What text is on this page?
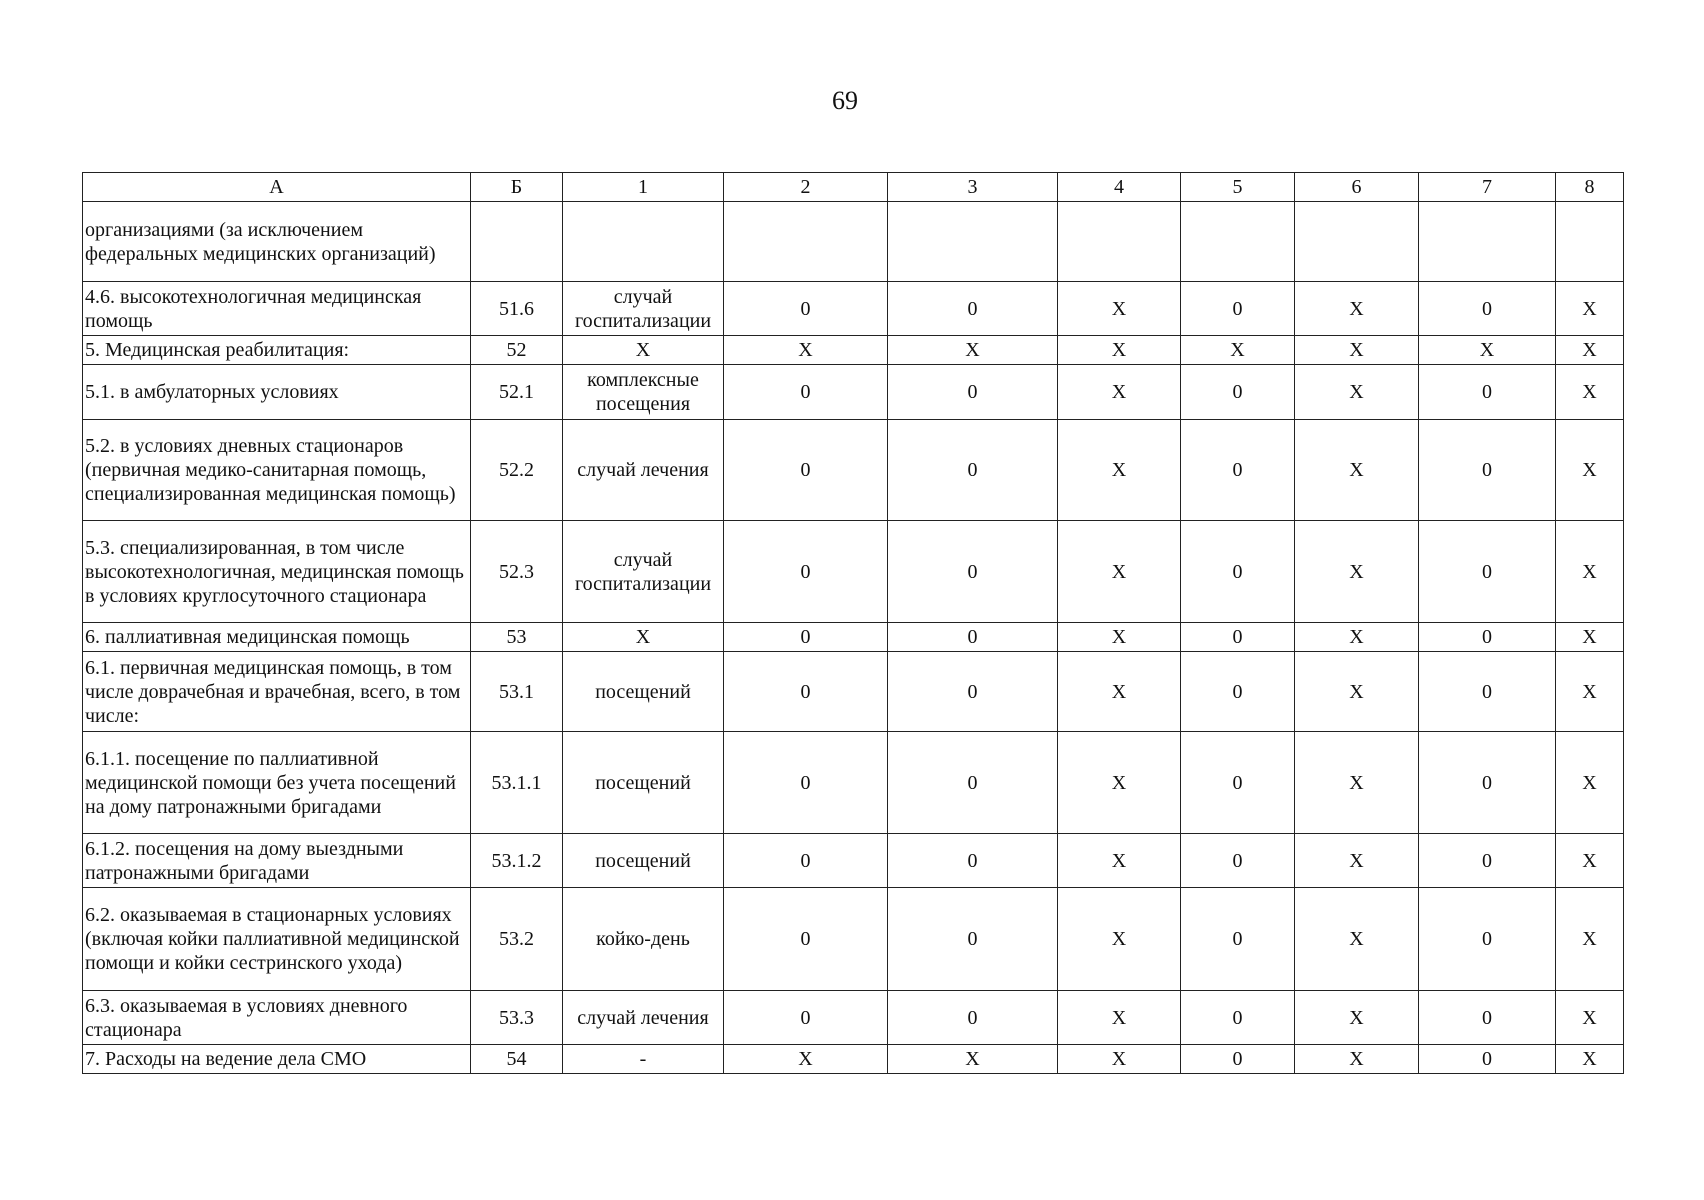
69
А	Б	1	2	3	4	5	6	7	8
организациями (за исключением федеральных медицинских организаций)									
4.6. высокотехнологичная медицинская помощь	51.6	случай госпитализации	0	0	Х	0	Х	0	Х
5. Медицинская реабилитация:	52	Х	Х	Х	Х	Х	Х	Х	Х
5.1. в амбулаторных условиях	52.1	комплексные посещения	0	0	Х	0	Х	0	Х
5.2. в условиях дневных стационаров (первичная медико-санитарная помощь, специализированная медицинская помощь)	52.2	случай лечения	0	0	Х	0	Х	0	Х
5.3. специализированная, в том числе высокотехнологичная, медицинская помощь в условиях круглосуточного стационара	52.3	случай госпитализации	0	0	Х	0	Х	0	Х
6. паллиативная медицинская помощь	53	Х	0	0	Х	0	Х	0	Х
6.1. первичная медицинская помощь, в том числе доврачебная и врачебная, всего, в том числе:	53.1	посещений	0	0	Х	0	Х	0	Х
6.1.1. посещение по паллиативной медицинской помощи без учета посещений на дому патронажными бригадами	53.1.1	посещений	0	0	Х	0	Х	0	Х
6.1.2. посещения на дому выездными патронажными бригадами	53.1.2	посещений	0	0	Х	0	Х	0	Х
6.2. оказываемая в стационарных условиях (включая койки паллиативной медицинской помощи и койки сестринского ухода)	53.2	койко-день	0	0	Х	0	Х	0	Х
6.3. оказываемая в условиях дневного стационара	53.3	случай лечения	0	0	Х	0	Х	0	Х
7. Расходы на ведение дела СМО	54	-	Х	Х	Х	0	Х	0	Х
